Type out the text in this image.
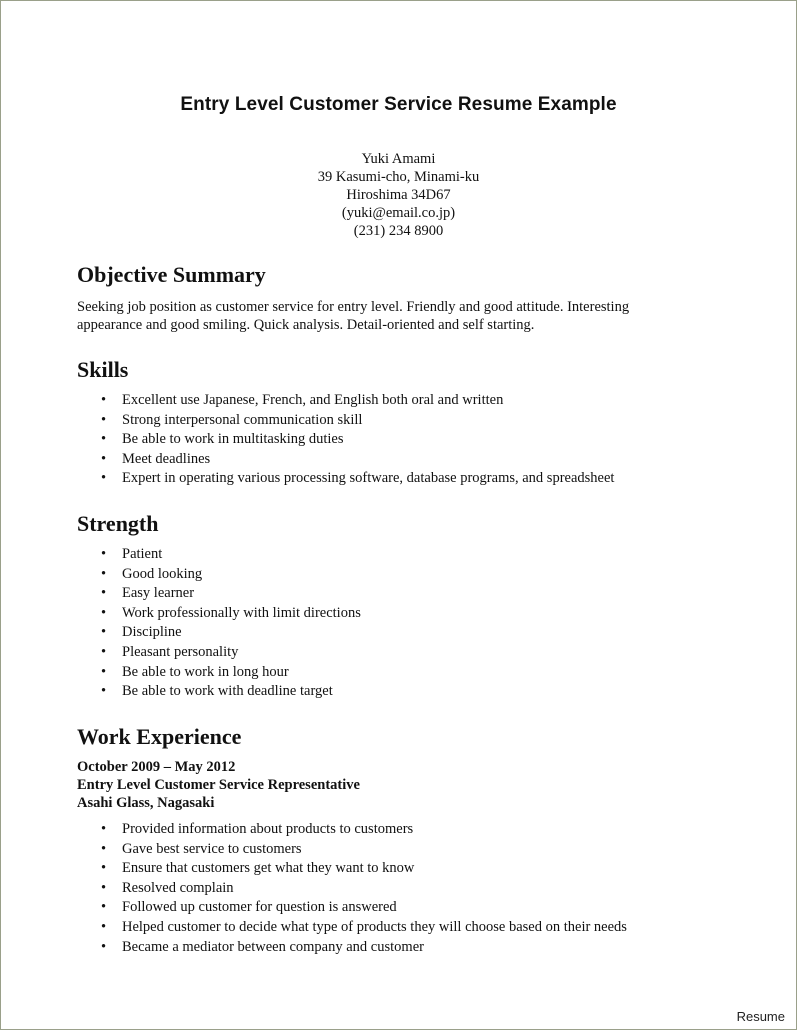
Entry Level Customer Service Resume Example
Yuki Amami
39 Kasumi-cho, Minami-ku
Hiroshima 34D67
(yuki@email.co.jp)
(231) 234 8900
Objective Summary
Seeking job position as customer service for entry level. Friendly and good attitude. Interesting
appearance and good smiling. Quick analysis. Detail-oriented and self starting.
Skills
• Excellent use Japanese, French, and English both oral and written
• Strong interpersonal communication skill
• Be able to work in multitasking duties
• Meet deadlines
• Expert in operating various processing software, database programs, and spreadsheet
Strength
• Patient
• Good looking
• Easy learner
• Work professionally with limit directions
• Discipline
• Pleasant personality
• Be able to work in long hour
• Be able to work with deadline target
Work Experience
October 2009 – May 2012
Entry Level Customer Service Representative
Asahi Glass, Nagasaki
• Provided information about products to customers
• Gave best service to customers
• Ensure that customers get what they want to know
• Resolved complain
• Followed up customer for question is answered
• Helped customer to decide what type of products they will choose based on their needs
• Became a mediator between company and customer
Resume
